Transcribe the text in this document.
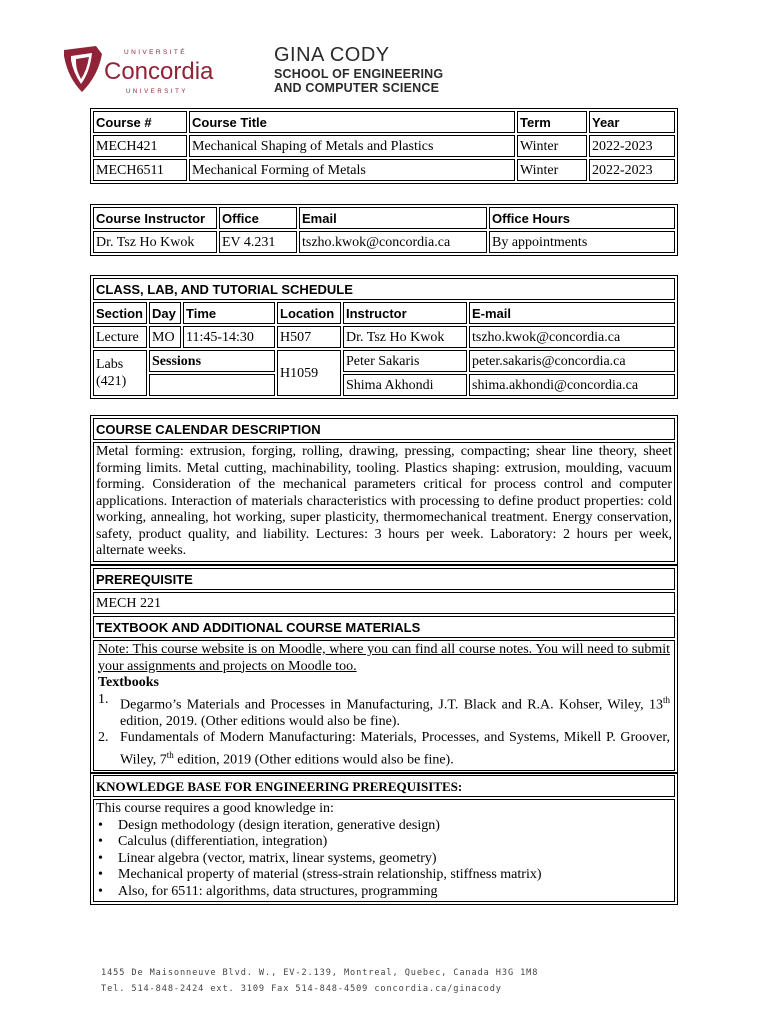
UNIVERSITÉ
Concordia
UNIVERSITY
GINA CODY
SCHOOL OF ENGINEERING
AND COMPUTER SCIENCE
Course #	Course Title	Term	Year
MECH421	Mechanical Shaping of Metals and Plastics	Winter	2022-2023
MECH6511	Mechanical Forming of Metals	Winter	2022-2023
Course Instructor	Office	Email	Office Hours
Dr. Tsz Ho Kwok	EV 4.231	tszho.kwok@concordia.ca	By appointments
CLASS, LAB, AND TUTORIAL SCHEDULE					
Section	Day	Time	Location	Instructor	E-mail
Lecture	MO	11:45-14:30	H507	Dr. Tsz Ho Kwok	tszho.kwok@concordia.ca

Labs
(421)	Sessions		H1059	Peter Sakaris	peter.sakaris@concordia.ca
				Shima Akhondi	shima.akhondi@concordia.ca
COURSE CALENDAR DESCRIPTION
Metal forming: extrusion, forging, rolling, drawing, pressing, compacting; shear line theory, sheet forming limits. Metal cutting, machinability, tooling. Plastics shaping: extrusion, moulding, vacuum forming. Consideration of the mechanical parameters critical for process control and computer applications. Interaction of materials characteristics with processing to define product properties: cold working, annealing, hot working, super plasticity, thermomechanical treatment. Energy conservation, safety, product quality, and liability. Lectures: 3 hours per week. Laboratory: 2 hours per week, alternate weeks.
PREREQUISITE
MECH 221
TEXTBOOK AND ADDITIONAL COURSE MATERIALS

Note: This course website is on Moodle, where you can find all course notes. You will need to submit your assignments and projects on Moodle too.
Textbooks
1. Degarmo’s Materials and Processes in Manufacturing, J.T. Black and R.A. Kohser, Wiley, 13th edition, 2019. (Other editions would also be fine).
2. Fundamentals of Modern Manufacturing: Materials, Processes, and Systems, Mikell P. Groover, Wiley, 7th edition, 2019 (Other editions would also be fine).
KNOWLEDGE BASE FOR ENGINEERING PREREQUISITES:

This course requires a good knowledge in:
• Design methodology (design iteration, generative design)
• Calculus (differentiation, integration)
• Linear algebra (vector, matrix, linear systems, geometry)
• Mechanical property of material (stress-strain relationship, stiffness matrix)
• Also, for 6511: algorithms, data structures, programming
1455 De Maisonneuve Blvd. W., EV-2.139, Montreal, Quebec, Canada H3G 1M8
Tel. 514-848-2424 ext. 3109 Fax 514-848-4509 concordia.ca/ginacody
